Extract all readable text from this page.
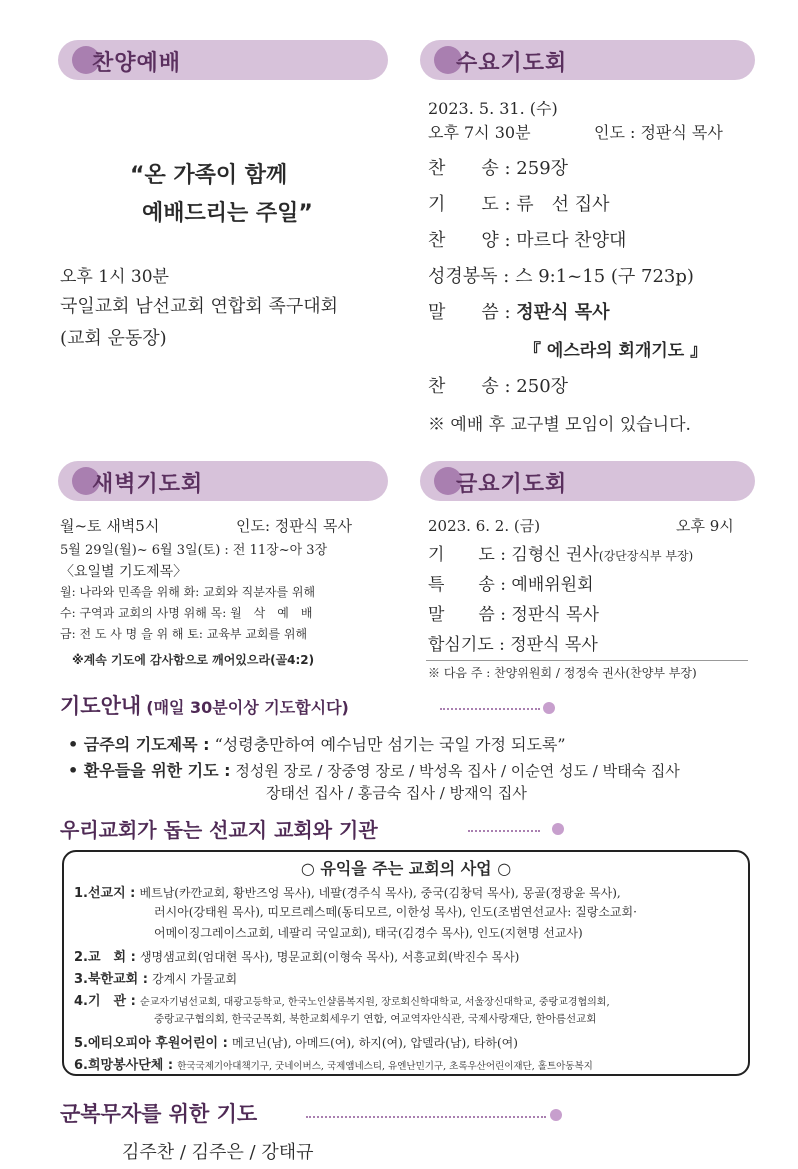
찬양예배
“온 가족이 함께
예배드리는 주일”
오후 1시 30분
국일교회 남선교회 연합회 족구대회
(교회 운동장)
수요기도회
2023. 5. 31. (수)
오후 7시 30분	인도 : 정판식 목사
찬　　송 : 259장
기　　도 : 류　선 집사
찬　　양 : 마르다 찬양대
성경봉독 : 스 9:1~15 (구 723p)
말　　씀 : 정판식 목사
『 에스라의 회개기도 』
찬　　송 : 250장
※ 예배 후 교구별 모임이 있습니다.
새벽기도회
월~토 새벽5시	인도: 정판식 목사
5월 29일(월)~ 6월 3일(토) : 전 11장~아 3장
〈요일별 기도제목〉
월: 나라와 민족을 위해 화: 교회와 직분자를 위해
수: 구역과 교회의 사명 위해 목: 월　삭　예　배
금: 전 도 사 명 을 위 해 토: 교육부 교회를 위해
※계속 기도에 감사함으로 깨어있으라(골4:2)
금요기도회
2023. 6. 2. (금)	오후 9시
기　　도 : 김형신 권사(강단장식부 부장)
특　　송 : 예배위원회
말　　씀 : 정판식 목사
합심기도 : 정판식 목사
※ 다음 주 : 찬양위원회 / 정정숙 권사(찬양부 부장)
기도안내 (매일 30분이상 기도합시다)
• 금주의 기도제목 : “성령충만하여 예수님만 섬기는 국일 가정 되도록”
• 환우들을 위한 기도 : 정성원 장로 / 장중영 장로 / 박성옥 집사 / 이순연 성도 / 박태숙 집사
장태선 집사 / 홍금숙 집사 / 방재익 집사
우리교회가 돕는 선교지 교회와 기관
○ 유익을 주는 교회의 사업 ○
1.선교지 : 베트남(카깐교회, 황반즈엉 목사), 네팔(경주식 목사), 중국(김창덕 목사), 몽골(정광윤 목사),
러시아(강태원 목사), 띠모르레스떼(동티모르, 이한성 목사), 인도(조범연선교사: 질랑소교회·
어메이징그레이스교회, 네팔리 국일교회), 태국(김경수 목사), 인도(지현명 선교사)
2.교　회 : 생명샘교회(엄대현 목사), 명문교회(이형숙 목사), 서흥교회(박진수 목사)
3.북한교회 : 강계시 가물교회
4.기　관 : 순교자기념선교회, 대광고등학교, 한국노인샬롬복지원, 장로회신학대학교, 서울장신대학교, 중랑교경협의회,
중랑교구협의회, 한국군목회, 북한교회세우기 연합, 여교역자안식관, 국제사랑재단, 한아름선교회
5.에티오피아 후원어린이 : 메코닌(남), 아메드(여), 하지(여), 압델라(남), 타하(여)
6.희망봉사단체 : 한국국제기아대책기구, 굿네이버스, 국제앰네스티, 유엔난민기구, 초록우산어린이재단, 홀트아동복지
군복무자를 위한 기도
김주찬 / 김주은 / 강태규
